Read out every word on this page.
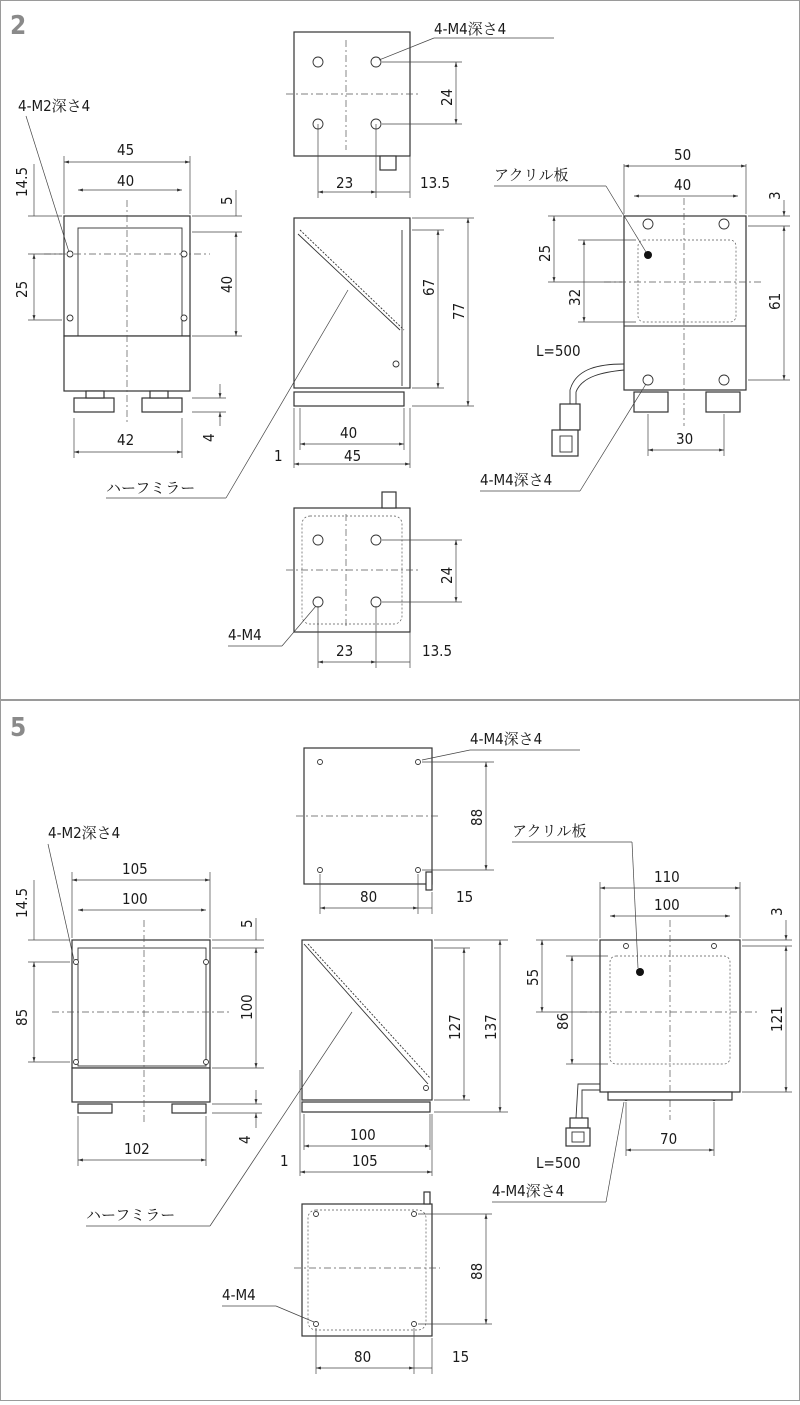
2
45
40
42
14.5
25
5
40
4
4-M2深さ4
23	13.5
24
4-M4深さ4
67
77
40
45
1
ハーフミラー
50
40
3
61
25
32
30
アクリル板
L=500
4-M4深さ4
23	13.5
24
4-M4
5
105
100
102
14.5
85
5
100
4
4-M2深さ4
80	15
88
4-M4深さ4
127 137
100
105
1
ハーフミラー
110
100	3
121
55
86
70
アクリル板
L=500
4-M4深さ4
80	15
88
4-M4
